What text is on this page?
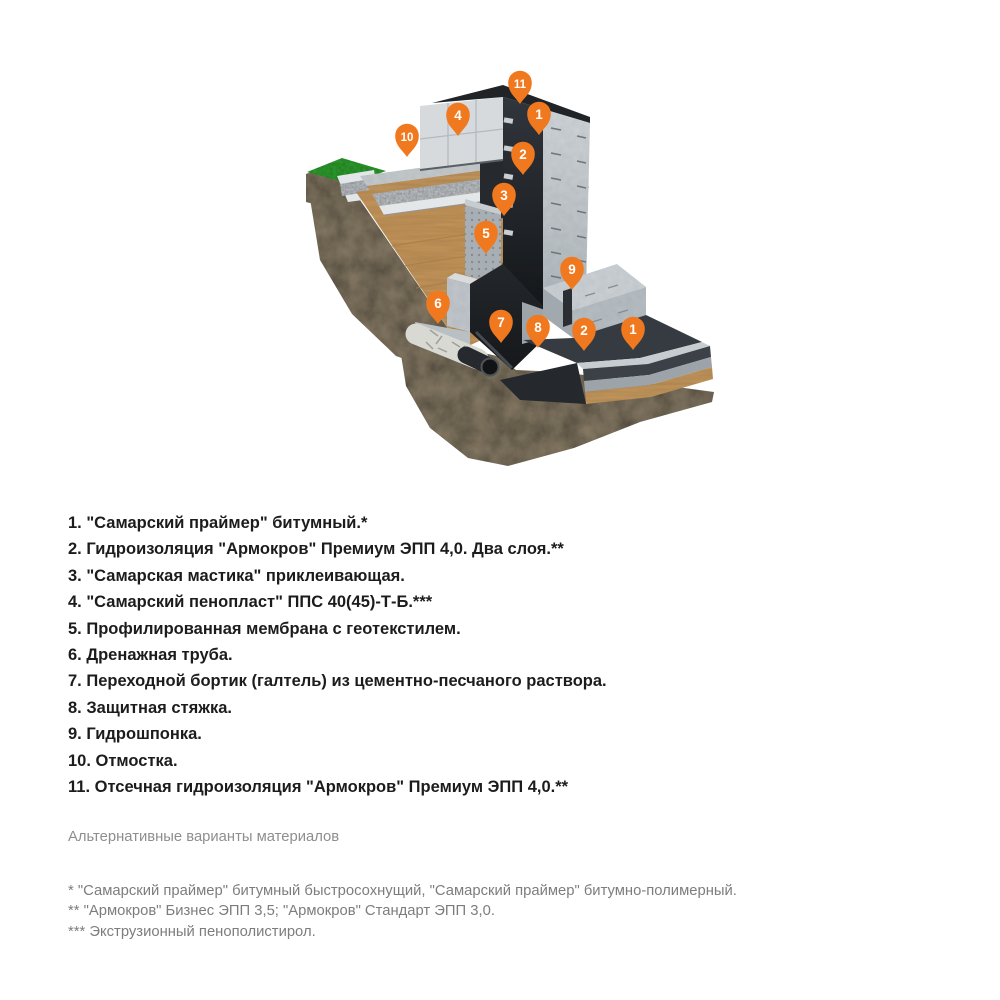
11
1
4
10
2
3
5
9
6
7 8	2	1
1. "Самарский праймер" битумный.*
2. Гидроизоляция "Армокров" Премиум ЭПП 4,0. Два слоя.**
3. "Самарская мастика" приклеивающая.
4. "Самарский пенопласт" ППС 40(45)-Т-Б.***
5. Профилированная мембрана с геотекстилем.
6. Дренажная труба.
7. Переходной бортик (галтель) из цементно-песчаного раствора.
8. Защитная стяжка.
9. Гидрошпонка.
10. Отмостка.
11. Отсечная гидроизоляция "Армокров" Премиум ЭПП 4,0.**
Альтернативные варианты материалов
* "Самарский праймер" битумный быстросохнущий, "Самарский праймер" битумно-полимерный.
** "Армокров" Бизнес ЭПП 3,5; "Армокров" Стандарт ЭПП 3,0.
*** Экструзионный пенополистирол.
